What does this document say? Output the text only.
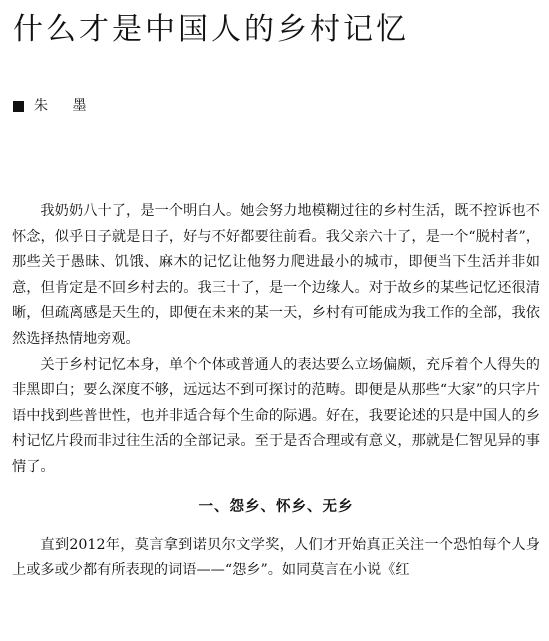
什么才是中国人的乡村记忆
朱 墨

我奶奶八十了，是一个明白人。她会努力地模糊过往的乡村生活，既不控诉也不怀念，似乎日子就是日子，好与不好都要往前看。我父亲六十了，是一个“脱村者”，那些关于愚昧、饥饿、麻木的记忆让他努力爬进最小的城市，即便当下生活并非如意，但肯定是不回乡村去的。我三十了，是一个边缘人。对于故乡的某些记忆还很清晰，但疏离感是天生的，即便在未来的某一天，乡村有可能成为我工作的全部，我依然选择热情地旁观。

关于乡村记忆本身，单个个体或普通人的表达要么立场偏颇，充斥着个人得失的非黑即白；要么深度不够，远远达不到可探讨的范畴。即便是从那些“大家”的只字片语中找到些普世性，也并非适合每个生命的际遇。好在，我要论述的只是中国人的乡村记忆片段而非过往生活的全部记录。至于是否合理或有意义，那就是仁智见异的事情了。

一、怨乡、怀乡、无乡

直到2012年，莫言拿到诺贝尔文学奖，人们才开始真正关注一个恐怕每个人身上或多或少都有所表现的词语——“怨乡”。如同莫言在小说《红
